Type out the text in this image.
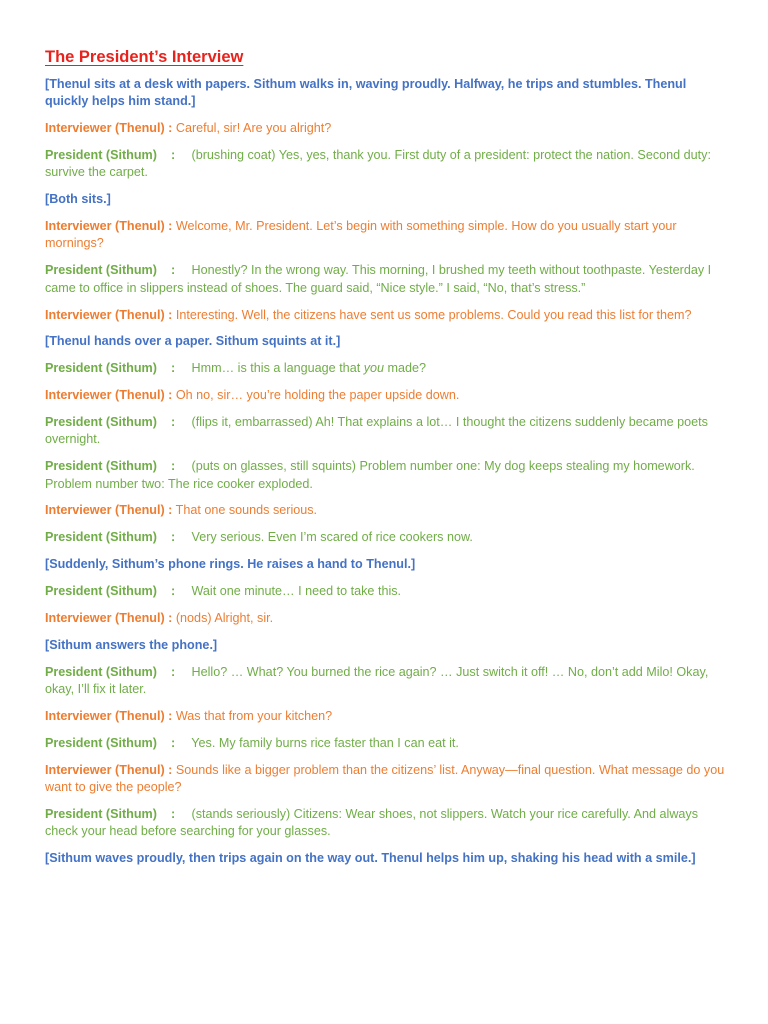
The President’s Interview

[Thenul sits at a desk with papers. Sithum walks in, waving proudly. Halfway, he trips and stumbles. Thenul quickly helps him stand.]

Interviewer (Thenul) : Careful, sir! Are you alright?

President (Sithum)    : (brushing coat) Yes, yes, thank you. First duty of a president: protect the nation. Second duty: survive the carpet.

[Both sits.]

Interviewer (Thenul) : Welcome, Mr. President. Let’s begin with something simple. How do you usually start your mornings?

President (Sithum)    : Honestly? In the wrong way. This morning, I brushed my teeth without toothpaste. Yesterday I came to office in slippers instead of shoes. The guard said, “Nice style.” I said, “No, that’s stress.”

Interviewer (Thenul) : Interesting. Well, the citizens have sent us some problems. Could you read this list for them?

[Thenul hands over a paper. Sithum squints at it.]

President (Sithum)    : Hmm… is this a language that you made?

Interviewer (Thenul) : Oh no, sir… you’re holding the paper upside down.

President (Sithum)    : (flips it, embarrassed) Ah! That explains a lot… I thought the citizens suddenly became poets overnight.

President (Sithum)    : (puts on glasses, still squints) Problem number one: My dog keeps stealing my homework. Problem number two: The rice cooker exploded.

Interviewer (Thenul) : That one sounds serious.

President (Sithum)    : Very serious. Even I’m scared of rice cookers now.

[Suddenly, Sithum’s phone rings. He raises a hand to Thenul.]

President (Sithum)    : Wait one minute… I need to take this.

Interviewer (Thenul) : (nods) Alright, sir.

[Sithum answers the phone.]

President (Sithum)    : Hello? … What? You burned the rice again? … Just switch it off! … No, don’t add Milo! Okay, okay, I’ll fix it later.

Interviewer (Thenul) : Was that from your kitchen?

President (Sithum)    : Yes. My family burns rice faster than I can eat it.

Interviewer (Thenul) : Sounds like a bigger problem than the citizens’ list. Anyway—final question. What message do you want to give the people?

President (Sithum)    : (stands seriously) Citizens: Wear shoes, not slippers. Watch your rice carefully. And always check your head before searching for your glasses.

[Sithum waves proudly, then trips again on the way out. Thenul helps him up, shaking his head with a smile.]
